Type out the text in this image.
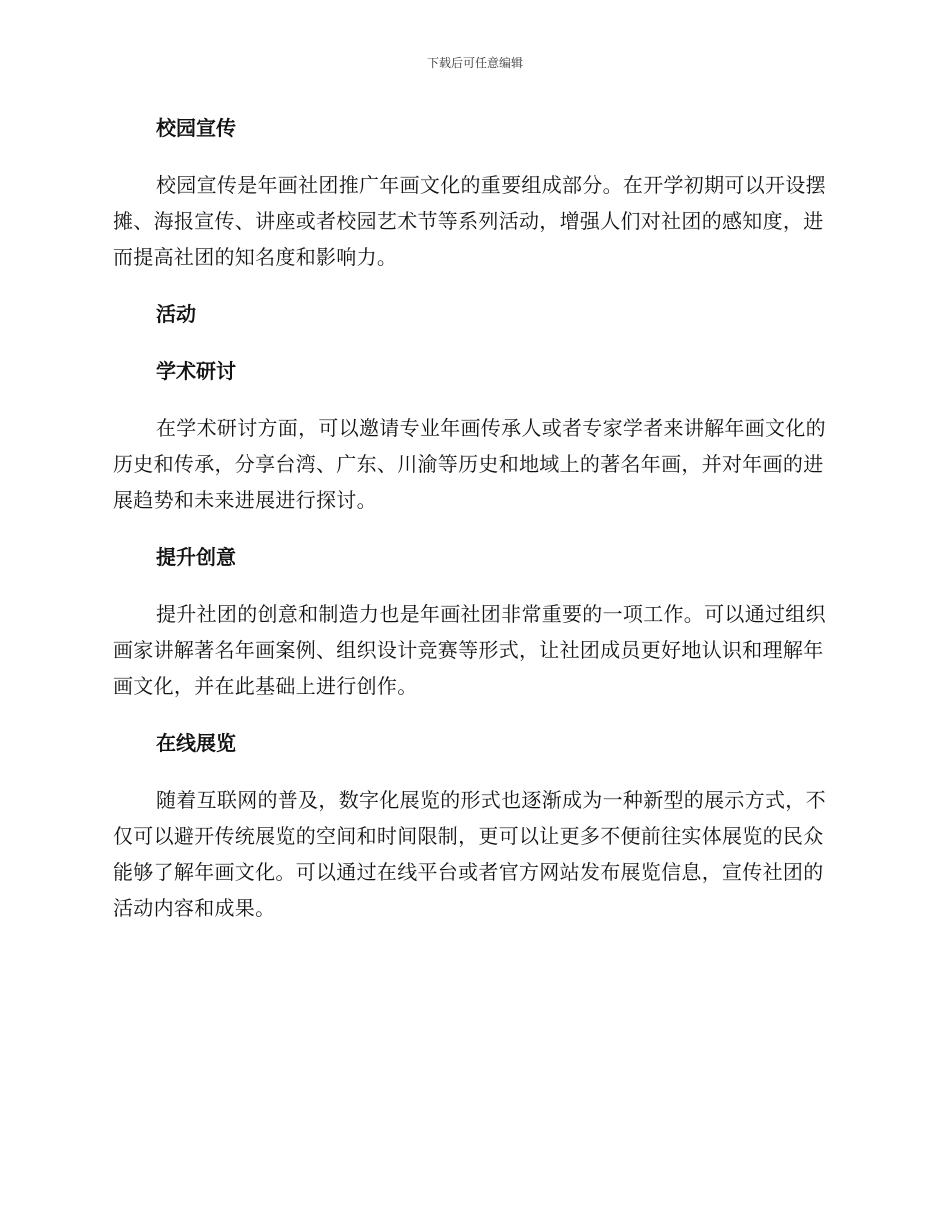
下载后可任意编辑
校园宣传

校园宣传是年画社团推广年画文化的重要组成部分。在开学初期可以开设摆摊、海报宣传、讲座或者校园艺术节等系列活动，增强人们对社团的感知度，进而提高社团的知名度和影响力。

活动
学术研讨

在学术研讨方面，可以邀请专业年画传承人或者专家学者来讲解年画文化的历史和传承，分享台湾、广东、川渝等历史和地域上的著名年画，并对年画的进展趋势和未来进展进行探讨。

提升创意

提升社团的创意和制造力也是年画社团非常重要的一项工作。可以通过组织画家讲解著名年画案例、组织设计竞赛等形式，让社团成员更好地认识和理解年画文化，并在此基础上进行创作。

在线展览

随着互联网的普及，数字化展览的形式也逐渐成为一种新型的展示方式，不仅可以避开传统展览的空间和时间限制，更可以让更多不便前往实体展览的民众能够了解年画文化。可以通过在线平台或者官方网站发布展览信息，宣传社团的活动内容和成果。
